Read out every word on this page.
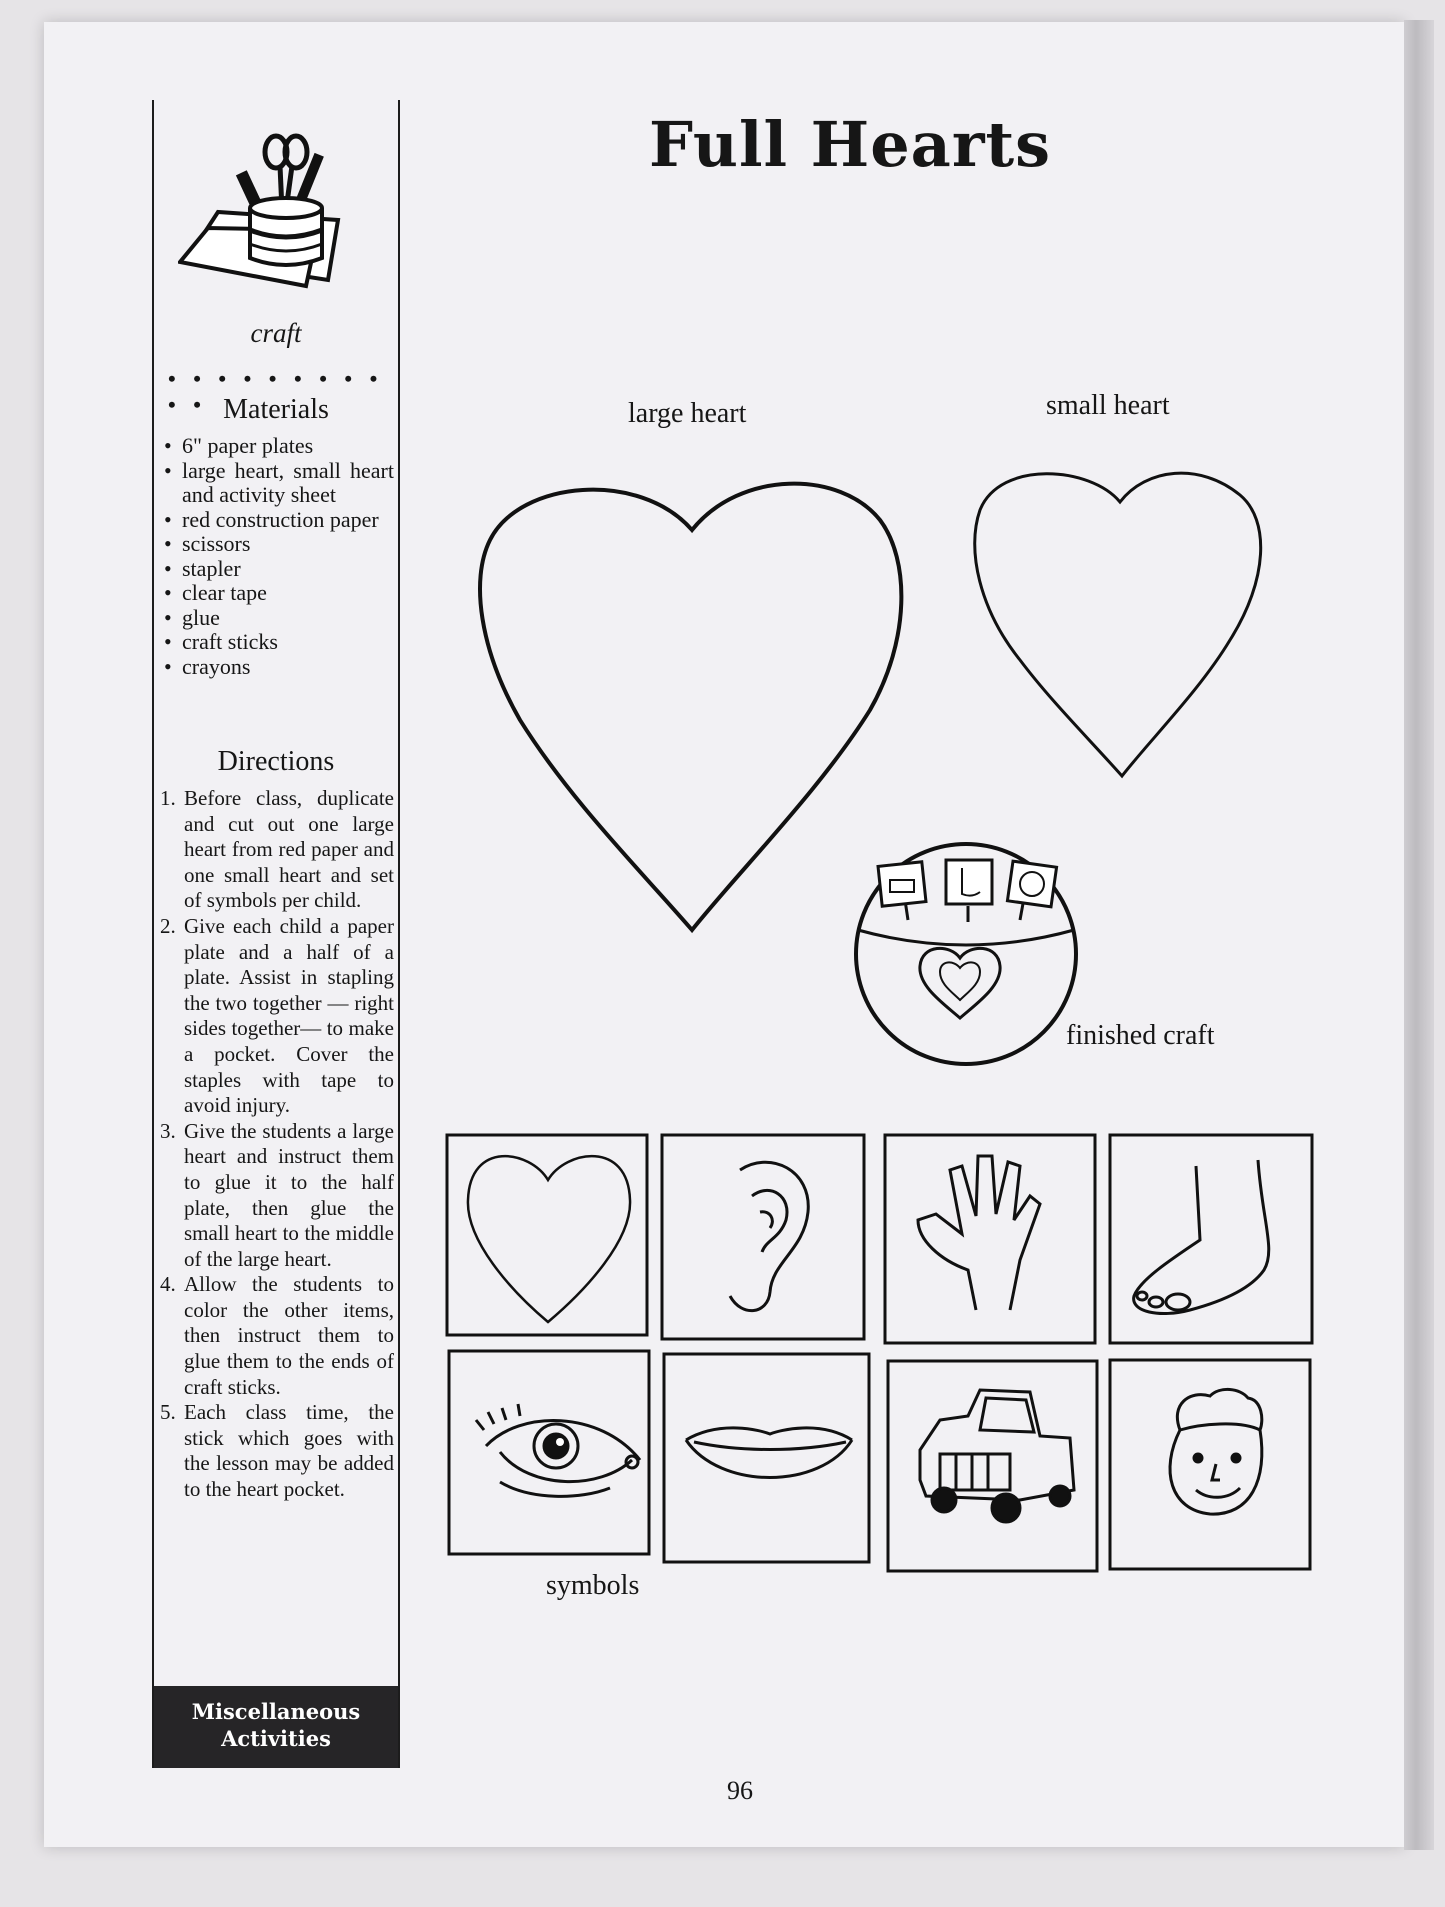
craft
• • • • • • • • • • • Materials
• 6" paper plates
• large heart, small heart and activity sheet
• red construction paper
• scissors
• stapler
• clear tape
• glue
• craft sticks
• crayons
Directions
1. Before class, duplicate and cut out one large heart from red paper and one small heart and set of symbols per child.
2. Give each child a paper plate and a half of a plate. Assist in stapling the two together — right sides together— to make a pocket. Cover the staples with tape to avoid injury.
3. Give the students a large heart and instruct them to glue it to the half plate, then glue the small heart to the middle of the large heart.
4. Allow the students to color the other items, then instruct them to glue them to the ends of craft sticks.
5. Each class time, the stick which goes with the lesson may be added to the heart pocket.
Miscellaneous
Activities
Full Hearts
large heart	small heart
finished craft
symbols
96
